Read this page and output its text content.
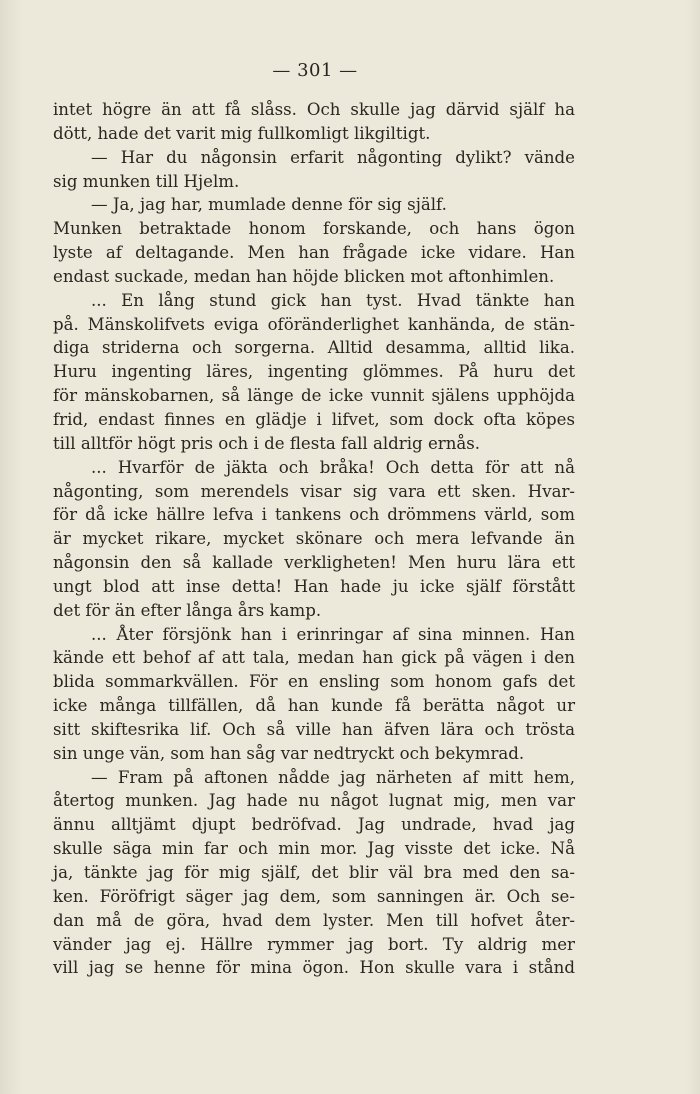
— 301 —
intet högre än att få slåss. Och skulle jag därvid själf ha
dött, hade det varit mig fullkomligt likgiltigt.
— Har du någonsin erfarit någonting dylikt? vände
sig munken till Hjelm.
— Ja, jag har, mumlade denne för sig själf.
Munken betraktade honom forskande, och hans ögon
lyste af deltagande. Men han frågade icke vidare. Han
endast suckade, medan han höjde blicken mot aftonhimlen.
... En lång stund gick han tyst. Hvad tänkte han
på. Mänskolifvets eviga oföränderlighet kanhända, de stän-
diga striderna och sorgerna. Alltid desamma, alltid lika.
Huru ingenting läres, ingenting glömmes. På huru det
för mänskobarnen, så länge de icke vunnit själens upphöjda
frid, endast finnes en glädje i lifvet, som dock ofta köpes
till alltför högt pris och i de flesta fall aldrig ernås.
... Hvarför de jäkta och bråka! Och detta för att nå
någonting, som merendels visar sig vara ett sken. Hvar-
för då icke hällre lefva i tankens och drömmens värld, som
är mycket rikare, mycket skönare och mera lefvande än
någonsin den så kallade verkligheten! Men huru lära ett
ungt blod att inse detta! Han hade ju icke själf förstått
det för än efter långa års kamp.
... Åter försjönk han i erinringar af sina minnen. Han
kände ett behof af att tala, medan han gick på vägen i den
blida sommarkvällen. För en ensling som honom gafs det
icke många tillfällen, då han kunde få berätta något ur
sitt skiftesrika lif. Och så ville han äfven lära och trösta
sin unge vän, som han såg var nedtryckt och bekymrad.
— Fram på aftonen nådde jag närheten af mitt hem,
återtog munken. Jag hade nu något lugnat mig, men var
ännu alltjämt djupt bedröfvad. Jag undrade, hvad jag
skulle säga min far och min mor. Jag visste det icke. Nå
ja, tänkte jag för mig själf, det blir väl bra med den sa-
ken. Föröfrigt säger jag dem, som sanningen är. Och se-
dan må de göra, hvad dem lyster. Men till hofvet åter-
vänder jag ej. Hällre rymmer jag bort. Ty aldrig mer
vill jag se henne för mina ögon. Hon skulle vara i stånd
